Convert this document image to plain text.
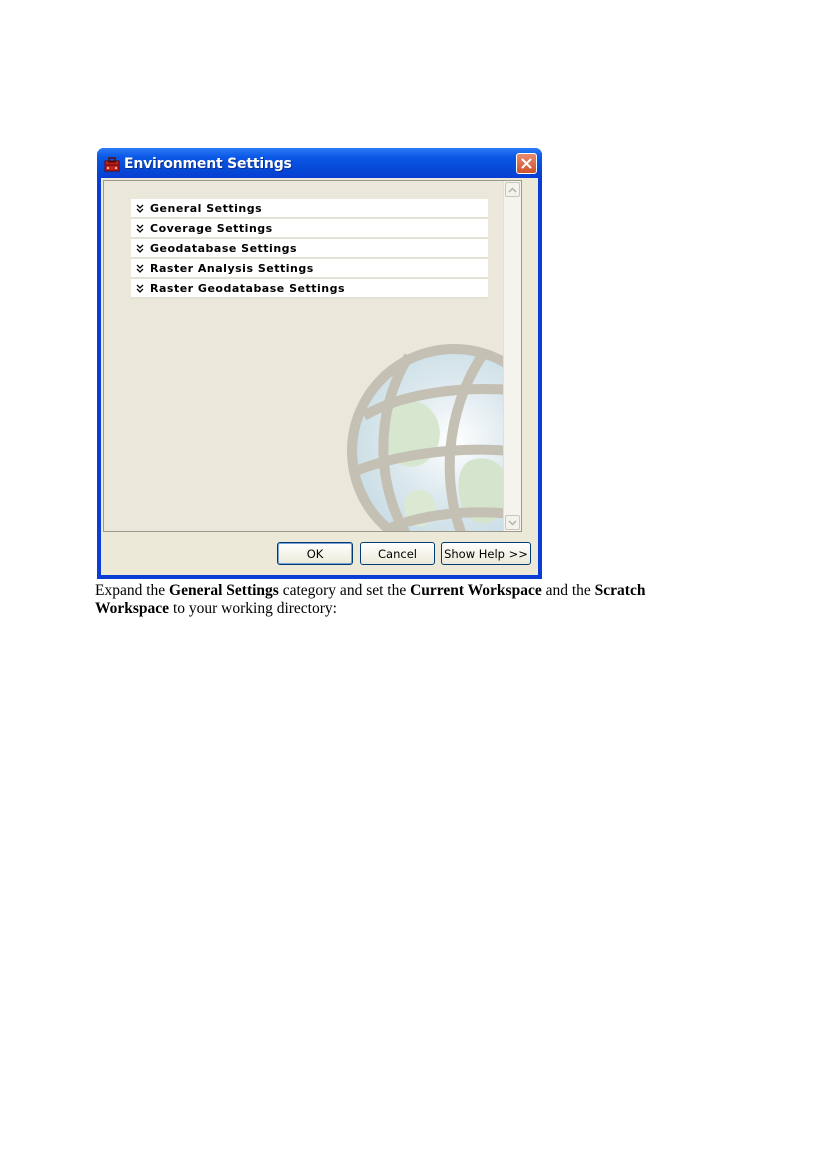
Environment Settings
General Settings
Coverage Settings
Geodatabase Settings
Raster Analysis Settings
Raster Geodatabase Settings
OK	Cancel	Show Help >>
Expand the General Settings category and set the Current Workspace and the Scratch Workspace to your working directory:
